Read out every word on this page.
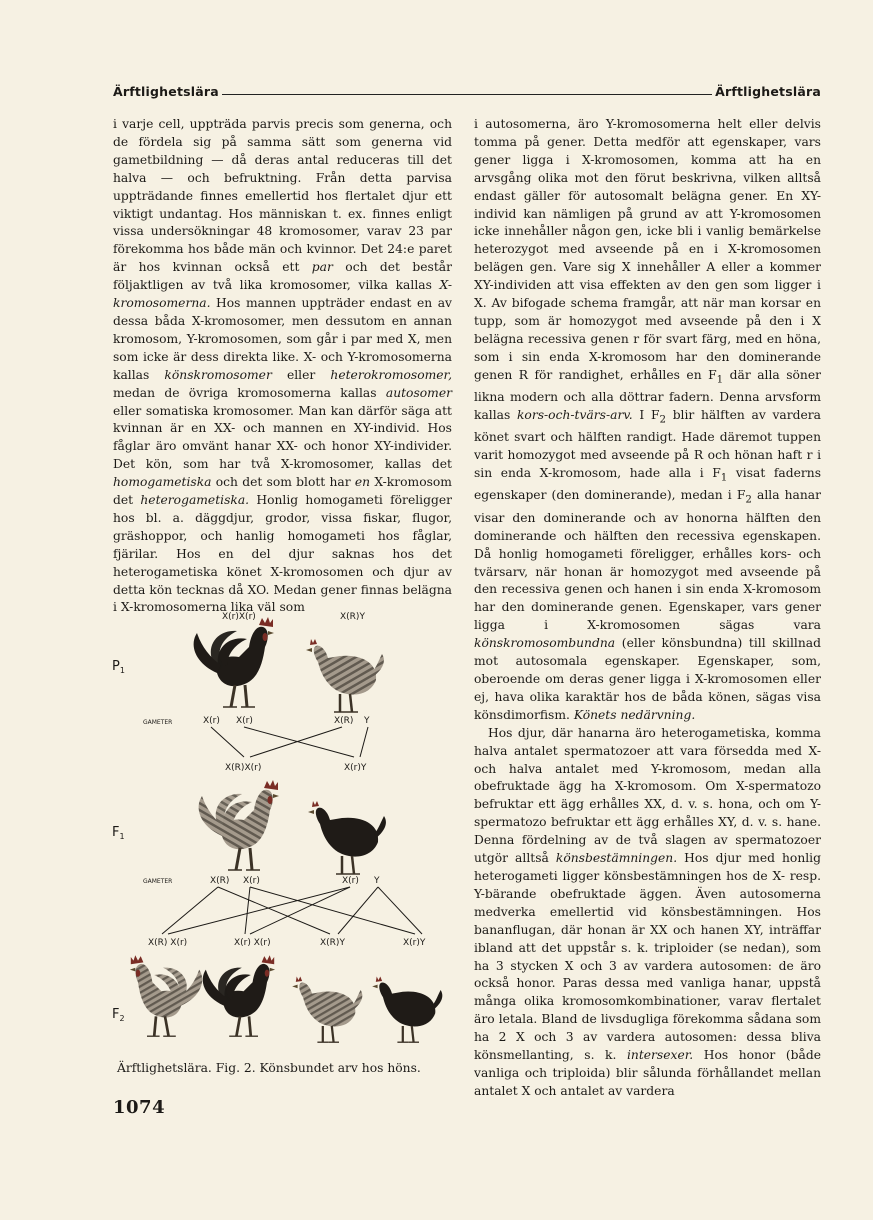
Ärftlighetslära	Ärftlighetslära

i varje cell, uppträda parvis precis som generna, och de fördela sig på samma sätt som generna vid gametbildning — då deras antal reduceras till det halva — och befruktning. Från detta parvisa uppträdande finnes emellertid hos flertalet djur ett viktigt undantag. Hos människan t. ex. finnes enligt vissa undersökningar 48 kromosomer, varav 23 par förekomma hos både män och kvinnor. Det 24:e paret är hos kvinnan också ett par och det består följaktligen av två lika kromosomer, vilka kallas X-kromosomerna. Hos mannen uppträder endast en av dessa båda X-kromosomer, men dessutom en annan kromosom, Y-kromosomen, som går i par med X, men som icke är dess direkta like. X- och Y-kromosomerna kallas könskromosomer eller heterokromosomer, medan de övriga kromosomerna kallas autosomer eller somatiska kromosomer. Man kan därför säga att kvinnan är en XX- och mannen en XY-individ. Hos fåglar äro omvänt hanar XX- och honor XY-individer. Det kön, som har två X-kromosomer, kallas det homogametiska och det som blott har en X-kromosom det heterogametiska. Honlig homogameti föreligger hos bl. a. däggdjur, grodor, vissa fiskar, flugor, gräshoppor, och hanlig homogameti hos fåglar, fjärilar. Hos en del djur saknas hos det heterogametiska könet X-kromosomen och djur av detta kön tecknas då XO. Medan gener finnas belägna i X-kromosomerna lika väl som

i autosomerna, äro Y-kromosomerna helt eller delvis tomma på gener. Detta medför att egenskaper, vars gener ligga i X-kromosomen, komma att ha en arvsgång olika mot den förut beskrivna, vilken alltså endast gäller för autosomalt belägna gener. En XY-individ kan nämligen på grund av att Y-kromosomen icke innehåller någon gen, icke bli i vanlig bemärkelse heterozygot med avseende på en i X-kromosomen belägen gen. Vare sig X innehåller A eller a kommer XY-individen att visa effekten av den gen som ligger i X. Av bifogade schema framgår, att när man korsar en tupp, som är homozygot med avseende på den i X belägna recessiva genen r för svart färg, med en höna, som i sin enda X-kromosom har den dominerande genen R för randighet, erhålles en $F_1$ där alla söner likna modern och alla döttrar fadern. Denna arvsform kallas kors-och-tvärs-arv. I $F_2$ blir hälften av vardera könet svart och hälften randigt. Hade däremot tuppen varit homozygot med avseende på R och hönan haft r i sin enda X-kromosom, hade alla i $F_1$ visat faderns egenskaper (den dominerande), medan i $F_2$ alla hanar visar den dominerande och av honorna hälften den dominerande och hälften den recessiva egenskapen. Då honlig homogameti föreligger, erhålles kors- och tvärsarv, när honan är homozygot med avseende på den recessiva genen och hanen i sin enda X-kromosom har den dominerande genen. Egenskaper, vars gener ligga i X-kromosomen sägas vara könskromosombundna (eller könsbundna) till skillnad mot autosomala egenskaper. Egenskaper, som, oberoende om deras gener ligga i X-kromosomen eller ej, hava olika karaktär hos de båda könen, sägas visa könsdimorfism. Könets nedärvning.

Hos djur, där hanarna äro heterogametiska, komma halva antalet spermatozoer att vara försedda med X- och halva antalet med Y-kromosom, medan alla obefruktade ägg ha X-kromosom. Om X-spermatozo befruktar ett ägg erhålles XX, d. v. s. hona, och om Y-spermatozo befruktar ett ägg erhålles XY, d. v. s. hane. Denna fördelning av de två slagen av spermatozoer utgör alltså könsbestämningen. Hos djur med honlig heterogameti ligger könsbestämningen hos de X- resp. Y-bärande obefruktade äggen. Även autosomerna medverka emellertid vid könsbestämningen. Hos bananflugan, där honan är XX och hanen XY, inträffar ibland att det uppstår s. k. triploider (se nedan), som ha 3 stycken X och 3 av vardera autosomen: de äro också honor. Paras dessa med vanliga hanar, uppstå många olika kromosomkombinationer, varav flertalet äro letala. Bland de livsdugliga förekomma sådana som ha 2 X och 3 av vardera autosomen: dessa bliva könsmellanting, s. k. intersexer. Hos honor (både vanliga och triploida) blir sålunda förhållandet mellan antalet X och antalet av vardera

$P_1$
$F_1$
$F_2$
X(r)X(r)	X(R)Y
GAMETER	X(r) X(r)	X(R) Y
X(R)X(r)	X(r)Y
GAMETER	X(R) X(r)	X(r) Y
X(R) X(r)	X(r) X(r)	X(R)Y	X(r)Y
Ärftlighetslära. Fig. 2. Könsbundet arv hos höns.
1074
